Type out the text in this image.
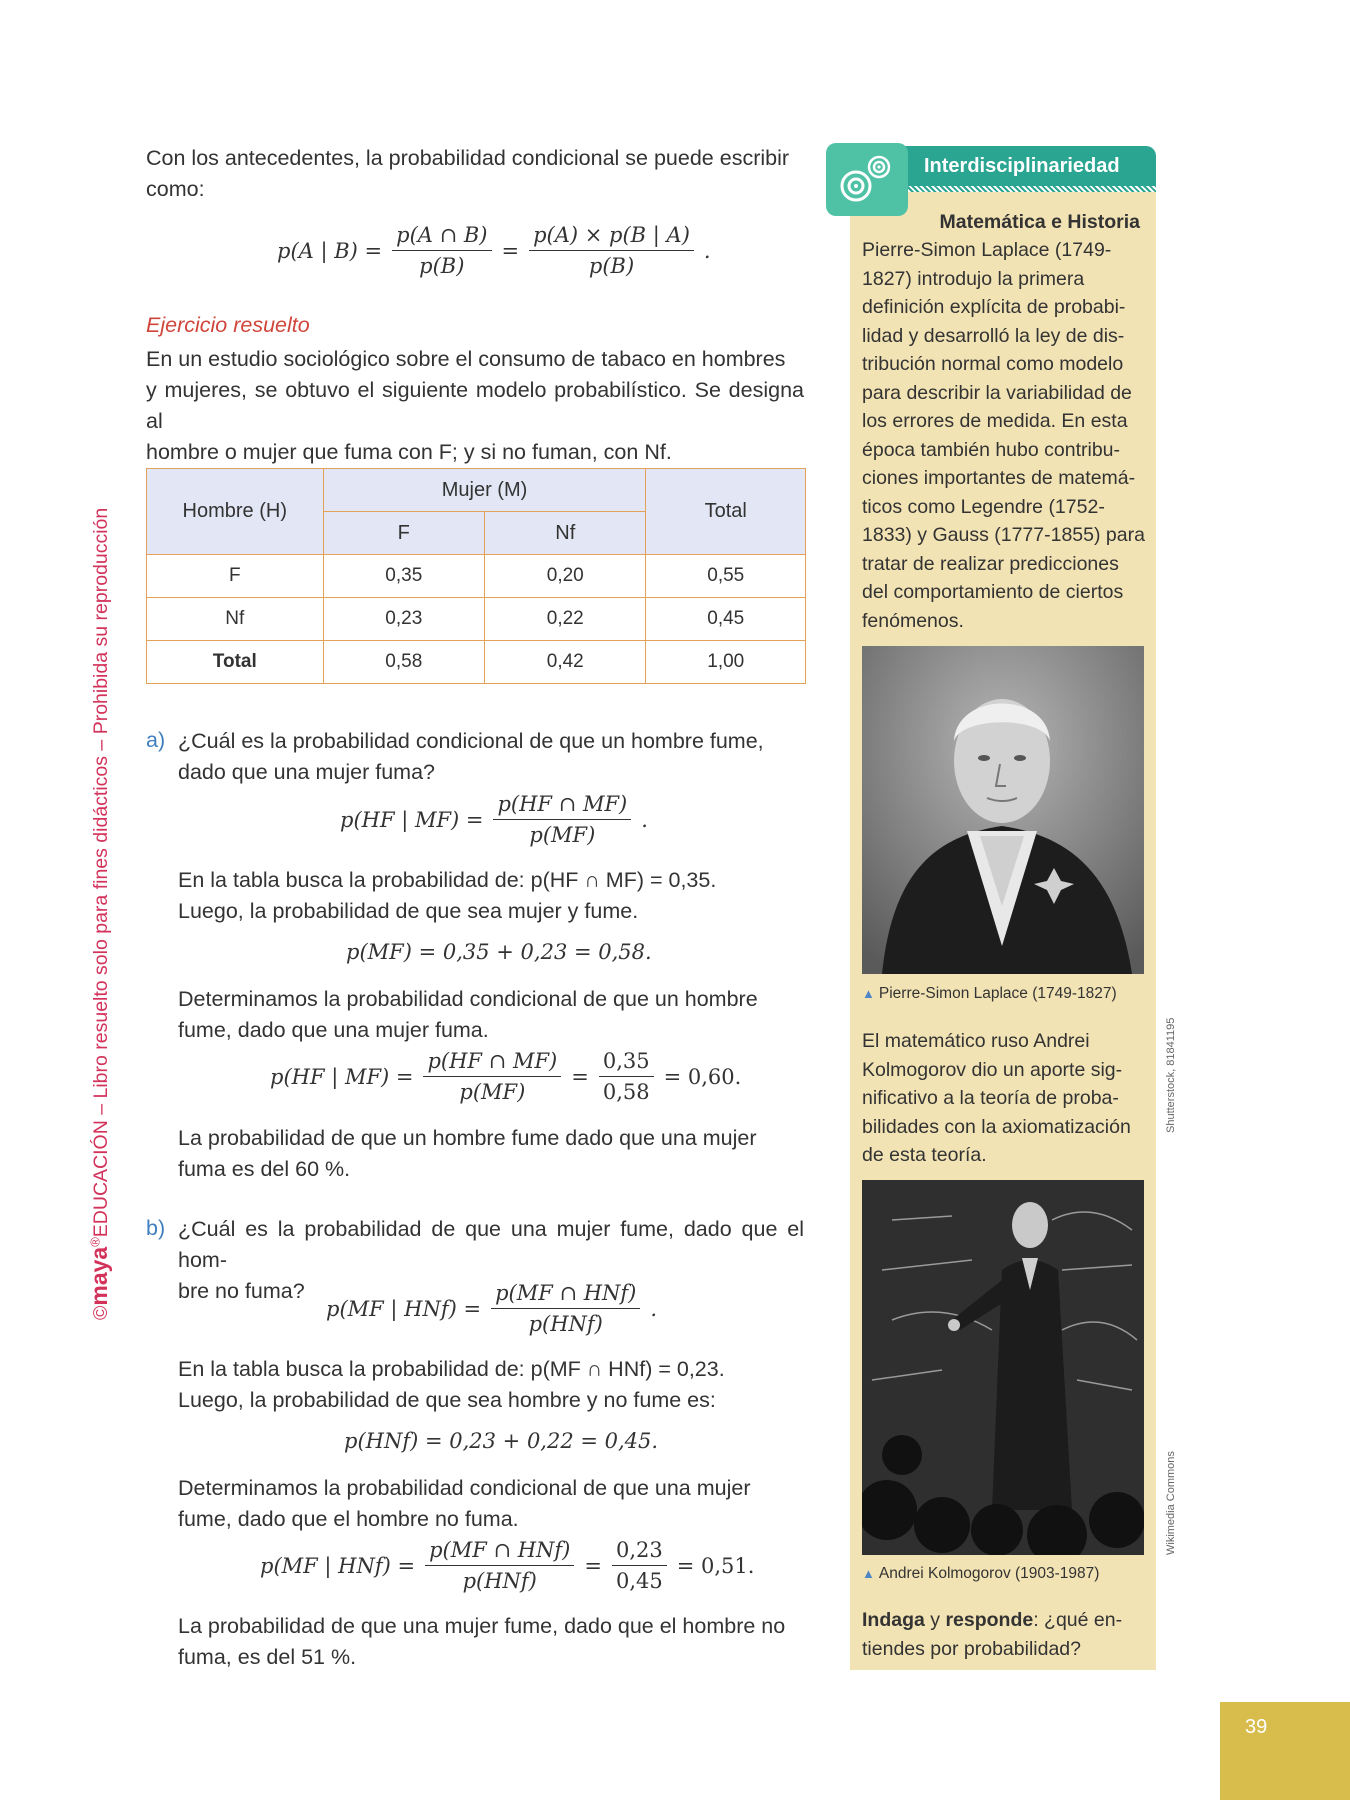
©maya®EDUCACIÓN – Libro resuelto solo para fines didácticos – Prohibida su reproducción
Con los antecedentes, la probabilidad condicional se puede escribir
como:
p(A | $B) = \frac{p(A \cap B)}{p(B)} = \frac{p(A) \times p(B | A)}{p(B)}$ .
Ejercicio resuelto
En un estudio sociológico sobre el consumo de tabaco en hombres
y mujeres, se obtuvo el siguiente modelo probabilístico. Se designa al
hombre o mujer que fuma con F; y si no fuman, con Nf.
Hombre (H)	Mujer (M)		Total
	F	Nf	
F	0,35	0,20	0,55
Nf	0,23	0,22	0,45
Total	0,58	0,42	1,00
a) ¿Cuál es la probabilidad condicional de que un hombre fume,
dado que una mujer fuma?
p(HF | $MF) = \frac{p(HF \cap MF)}{p(MF)}$ .
En la tabla busca la probabilidad de: p(HF ∩ MF) = 0,35.
Luego, la probabilidad de que sea mujer y fume.
p(MF) = 0,35 + 0,23 = 0,58.
Determinamos la probabilidad condicional de que un hombre
fume, dado que una mujer fuma.
p(HF | $MF) = \frac{p(HF \cap MF)}{p(MF)} = \frac{0,35}{0,58} = 0,60$.
La probabilidad de que un hombre fume dado que una mujer
fuma es del 60 %.
b) ¿Cuál es la probabilidad de que una mujer fume, dado que el hom-
bre no fuma?
p(MF | $HNf) = \frac{\text{p(MF ∩ HNf)}}{\text{p(HNf)}}$ .
En la tabla busca la probabilidad de: p(MF ∩ HNf) = 0,23.
Luego, la probabilidad de que sea hombre y no fume es:
p(HNf) = 0,23 + 0,22 = 0,45.
Determinamos la probabilidad condicional de que una mujer
fume, dado que el hombre no fuma.
p(MF | $HNf) = \frac{\text{p(MF ∩ HNf)}}{\text{p(HNf)}} = \frac{0,23}{0,45} = 0,51$.
La probabilidad de que una mujer fume, dado que el hombre no
fuma, es del 51 %.
Interdisciplinariedad
Matemática e Historia
Pierre-Simon Laplace (1749-
1827) introdujo la primera
definición explícita de probabi-
lidad y desarrolló la ley de dis-
tribución normal como modelo
para describir la variabilidad de
los errores de medida. En esta
época también hubo contribu-
ciones importantes de matemá-
ticos como Legendre (1752-
1833) y Gauss (1777-1855) para
tratar de realizar predicciones
del comportamiento de ciertos
fenómenos.
▲ Pierre-Simon Laplace (1749-1827)
Shutterstock, 81841195
El matemático ruso Andrei
Kolmogorov dio un aporte sig-
nificativo a la teoría de proba-
bilidades con la axiomatización
de esta teoría.
▲ Andrei Kolmogorov (1903-1987)
Wikimedia Commons
Indaga y responde: ¿qué en-
tiendes por probabilidad?
39
